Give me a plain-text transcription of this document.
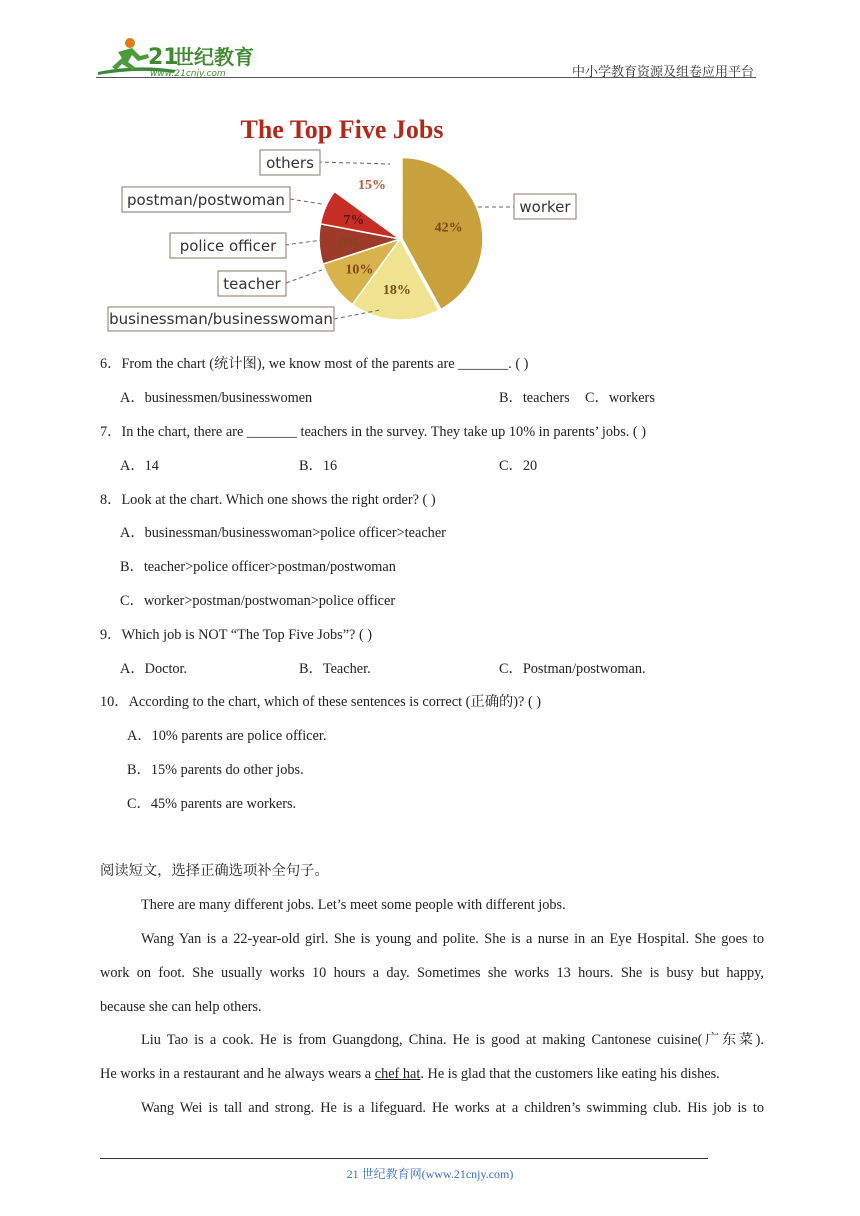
21
世纪教育
www.21cnjy.com	中小学教育资源及组卷应用平台
The Top Five Jobs
42%
18%
10%
8%
7%
15%
others
postman/postwoman
police officer
teacher
businessman/businesswoman
worker
6．From the chart (统计图), we know most of the parents are _______. ( )
A．businessmen/businesswomen	B．teachers C．workers
7．In the chart, there are _______ teachers in the survey. They take up 10% in parents’ jobs. ( )
A．14	B．16	C．20
8．Look at the chart. Which one shows the right order? ( )
A．businessman/businesswoman>police officer>teacher
B．teacher>police officer>postman/postwoman
C．worker>postman/postwoman>police officer
9．Which job is NOT “The Top Five Jobs”? ( )
A．Doctor.	B．Teacher.	C．Postman/postwoman.
10．According to the chart, which of these sentences is correct (正确的)? ( )
A．10% parents are police officer.
B．15% parents do other jobs.
C．45% parents are workers.
阅读短文，选择正确选项补全句子。
There are many different jobs. Let’s meet some people with different jobs.
Wang Yan is a 22-year-old girl. She is young and polite. She is a nurse in an Eye Hospital. She goes to
work on foot. She usually works 10 hours a day. Sometimes she works 13 hours. She is busy but happy,
because she can help others.
Liu Tao is a cook. He is from Guangdong, China. He is good at making Cantonese cuisine(广东菜).
He works in a restaurant and he always wears a chef hat. He is glad that the customers like eating his dishes.
Wang Wei is tall and strong. He is a lifeguard. He works at a children’s swimming club. His job is to
21 世纪教育网(www.21cnjy.com)
